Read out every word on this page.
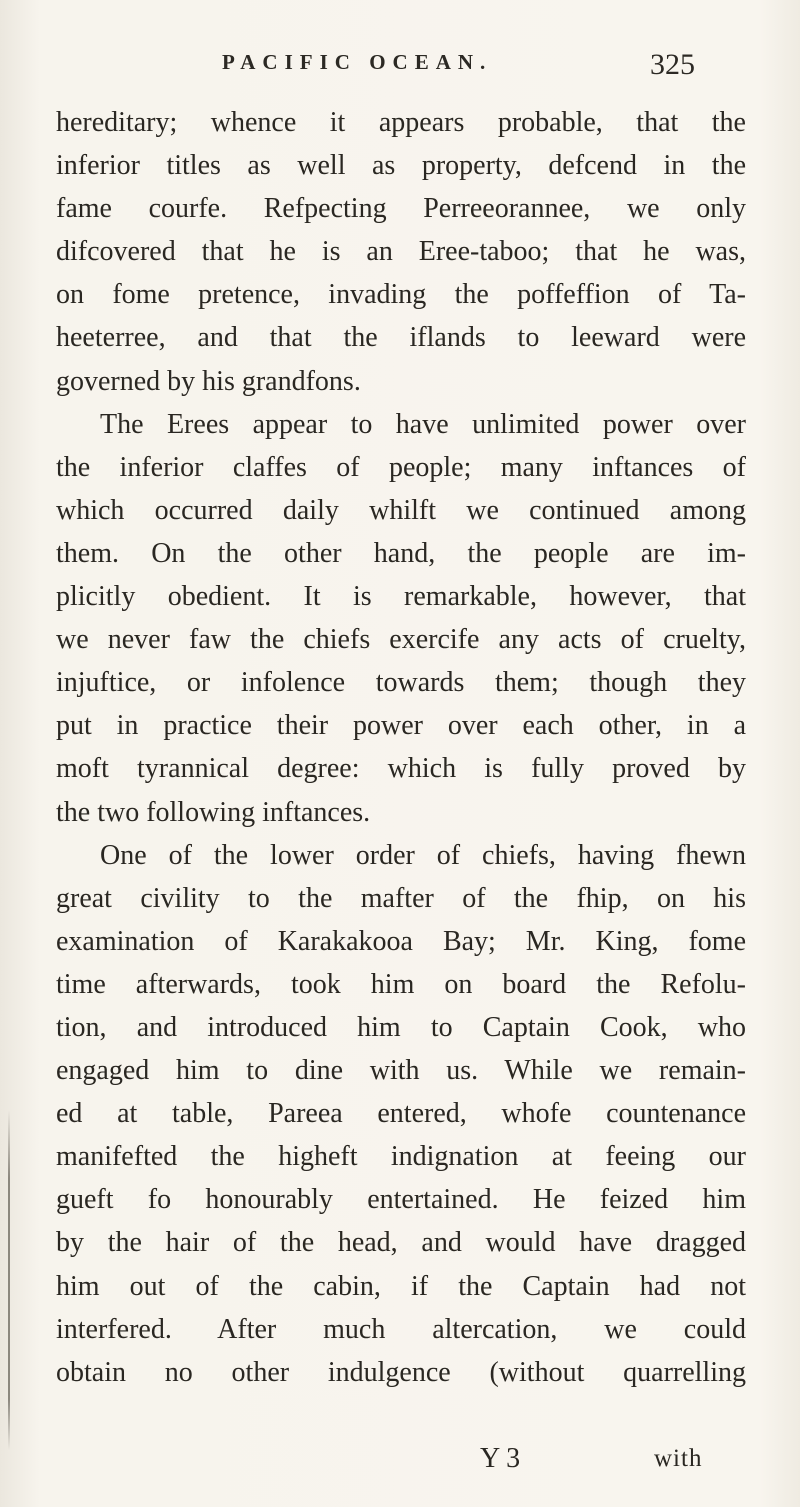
PACIFIC OCEAN.	325
hereditary; whence it appears probable, that the
inferior titles as well as property, defcend in the
fame courfe. Refpecting Perreeorannee, we only
difcovered that he is an Eree-taboo; that he was,
on fome pretence, invading the poffeffion of Ta-
heeterree, and that the iflands to leeward were
governed by his grandfons.
The Erees appear to have unlimited power over
the inferior claffes of people; many inftances of
which occurred daily whilft we continued among
them. On the other hand, the people are im-
plicitly obedient. It is remarkable, however, that
we never faw the chiefs exercife any acts of cruelty,
injuftice, or infolence towards them; though they
put in practice their power over each other, in a
moft tyrannical degree: which is fully proved by
the two following inftances.
One of the lower order of chiefs, having fhewn
great civility to the mafter of the fhip, on his
examination of Karakakooa Bay; Mr. King, fome
time afterwards, took him on board the Refolu-
tion, and introduced him to Captain Cook, who
engaged him to dine with us. While we remain-
ed at table, Pareea entered, whofe countenance
manifefted the higheft indignation at feeing our
gueft fo honourably entertained. He feized him
by the hair of the head, and would have dragged
him out of the cabin, if the Captain had not
interfered. After much altercation, we could
obtain no other indulgence (without quarrelling
Y 3	with
